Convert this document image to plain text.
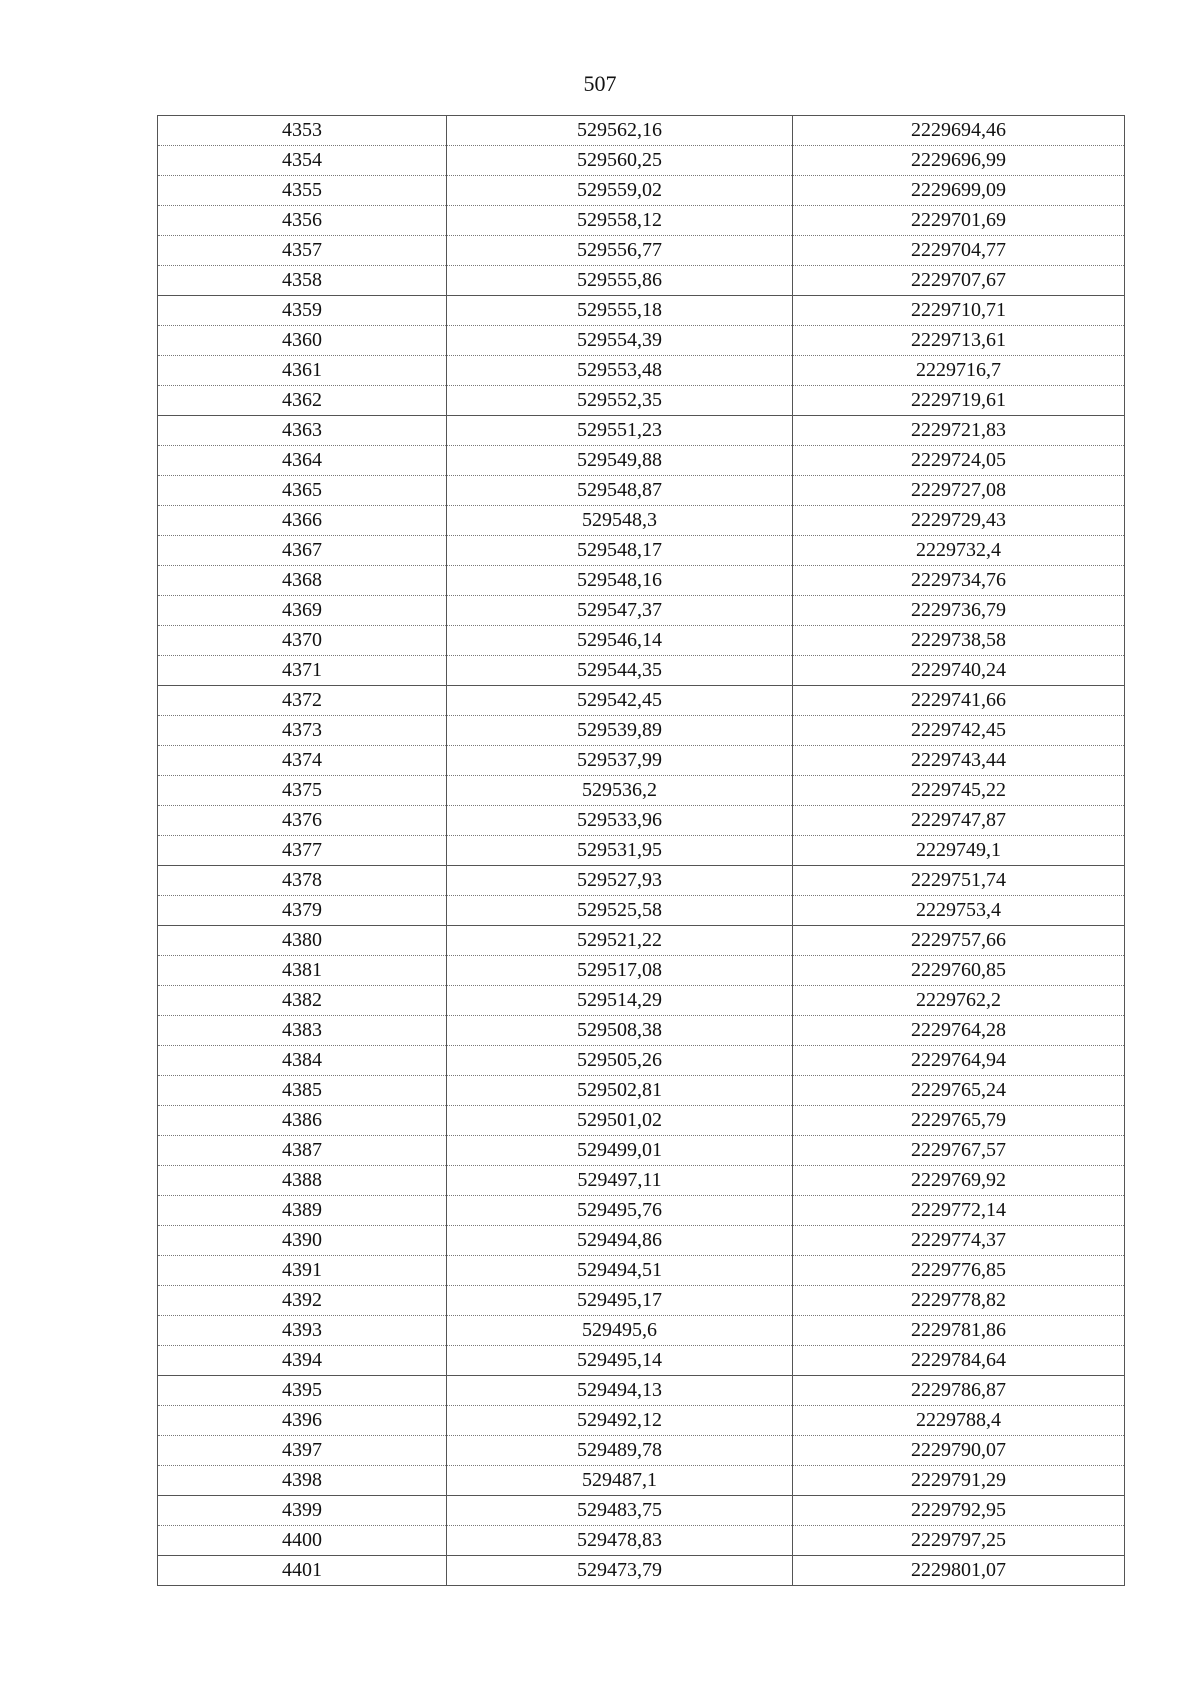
507
4353	529562,16	2229694,46
4354	529560,25	2229696,99
4355	529559,02	2229699,09
4356	529558,12	2229701,69
4357	529556,77	2229704,77
4358	529555,86	2229707,67
4359	529555,18	2229710,71
4360	529554,39	2229713,61
4361	529553,48	2229716,7
4362	529552,35	2229719,61
4363	529551,23	2229721,83
4364	529549,88	2229724,05
4365	529548,87	2229727,08
4366	529548,3	2229729,43
4367	529548,17	2229732,4
4368	529548,16	2229734,76
4369	529547,37	2229736,79
4370	529546,14	2229738,58
4371	529544,35	2229740,24
4372	529542,45	2229741,66
4373	529539,89	2229742,45
4374	529537,99	2229743,44
4375	529536,2	2229745,22
4376	529533,96	2229747,87
4377	529531,95	2229749,1
4378	529527,93	2229751,74
4379	529525,58	2229753,4
4380	529521,22	2229757,66
4381	529517,08	2229760,85
4382	529514,29	2229762,2
4383	529508,38	2229764,28
4384	529505,26	2229764,94
4385	529502,81	2229765,24
4386	529501,02	2229765,79
4387	529499,01	2229767,57
4388	529497,11	2229769,92
4389	529495,76	2229772,14
4390	529494,86	2229774,37
4391	529494,51	2229776,85
4392	529495,17	2229778,82
4393	529495,6	2229781,86
4394	529495,14	2229784,64
4395	529494,13	2229786,87
4396	529492,12	2229788,4
4397	529489,78	2229790,07
4398	529487,1	2229791,29
4399	529483,75	2229792,95
4400	529478,83	2229797,25
4401	529473,79	2229801,07
